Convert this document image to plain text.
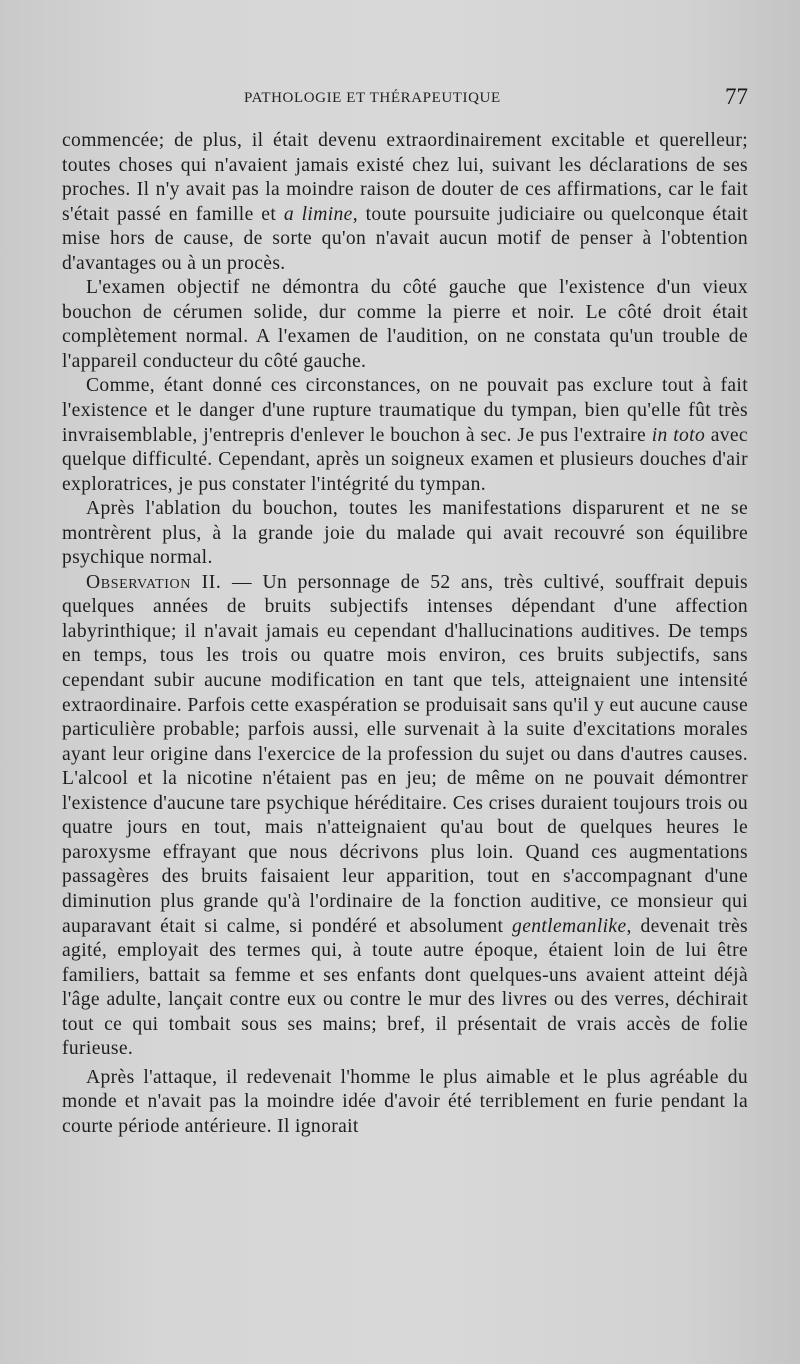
PATHOLOGIE ET THÉRAPEUTIQUE	77

commencée; de plus, il était devenu extraordinairement excitable et querelleur; toutes choses qui n'avaient jamais existé chez lui, suivant les déclarations de ses proches. Il n'y avait pas la moindre raison de douter de ces affirmations, car le fait s'était passé en famille et a limine, toute poursuite judiciaire ou quelconque était mise hors de cause, de sorte qu'on n'avait aucun motif de penser à l'obtention d'avantages ou à un procès.

L'examen objectif ne démontra du côté gauche que l'existence d'un vieux bouchon de cérumen solide, dur comme la pierre et noir. Le côté droit était complètement normal. A l'examen de l'audition, on ne constata qu'un trouble de l'appareil conducteur du côté gauche.

Comme, étant donné ces circonstances, on ne pouvait pas exclure tout à fait l'existence et le danger d'une rupture traumatique du tympan, bien qu'elle fût très invraisemblable, j'entrepris d'enlever le bouchon à sec. Je pus l'extraire in toto avec quelque difficulté. Cependant, après un soigneux examen et plusieurs douches d'air exploratrices, je pus constater l'intégrité du tympan.

Après l'ablation du bouchon, toutes les manifestations disparurent et ne se montrèrent plus, à la grande joie du malade qui avait recouvré son équilibre psychique normal.

Observation II. — Un personnage de 52 ans, très cultivé, souffrait depuis quelques années de bruits subjectifs intenses dépendant d'une affection labyrinthique; il n'avait jamais eu cependant d'hallucinations auditives. De temps en temps, tous les trois ou quatre mois environ, ces bruits subjectifs, sans cependant subir aucune modification en tant que tels, atteignaient une intensité extraordinaire. Parfois cette exaspération se produisait sans qu'il y eut aucune cause particulière probable; parfois aussi, elle survenait à la suite d'excitations morales ayant leur origine dans l'exercice de la profession du sujet ou dans d'autres causes. L'alcool et la nicotine n'étaient pas en jeu; de même on ne pouvait démontrer l'existence d'aucune tare psychique héréditaire. Ces crises duraient toujours trois ou quatre jours en tout, mais n'atteignaient qu'au bout de quelques heures le paroxysme effrayant que nous décrivons plus loin. Quand ces augmentations passagères des bruits faisaient leur apparition, tout en s'accompagnant d'une diminution plus grande qu'à l'ordinaire de la fonction auditive, ce monsieur qui auparavant était si calme, si pondéré et absolument gentlemanlike, devenait très agité, employait des termes qui, à toute autre époque, étaient loin de lui être familiers, battait sa femme et ses enfants dont quelques-uns avaient atteint déjà l'âge adulte, lançait contre eux ou contre le mur des livres ou des verres, déchirait tout ce qui tombait sous ses mains; bref, il présentait de vrais accès de folie furieuse.

Après l'attaque, il redevenait l'homme le plus aimable et le plus agréable du monde et n'avait pas la moindre idée d'avoir été terriblement en furie pendant la courte période antérieure. Il ignorait
